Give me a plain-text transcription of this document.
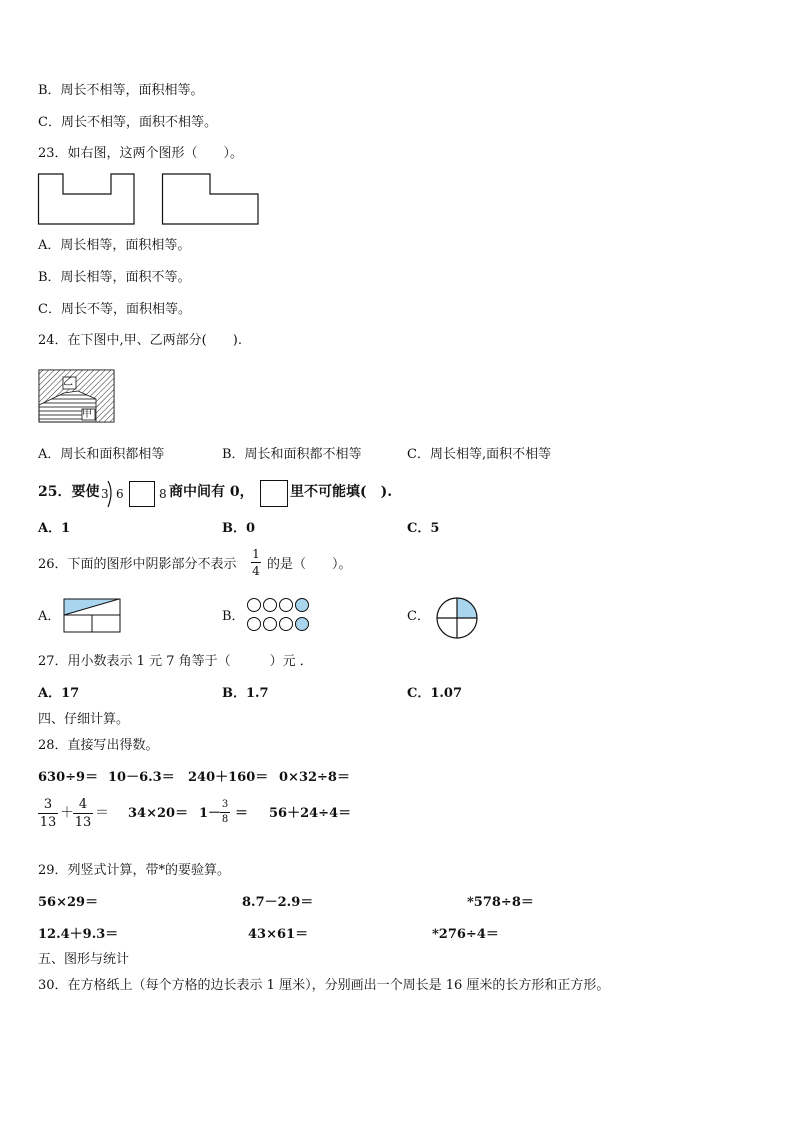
B．周长不相等，面积相等。
C．周长不相等，面积不相等。
23．如右图，这两个图形（　　）。
A．周长相等，面积相等。
B．周长相等，面积不等。
C．周长不等，面积相等。
24．在下图中,甲、乙两部分(　　).
乙
甲
A．周长和面积都相等	B．周长和面积都不相等	C．周长相等,面积不相等
25．要使 3 6	8 商中间有 0，	里不可能填(　).
A．1	B．0	C．5
26．下面的图形中阴影部分不表示
1
4 的是（　　）。
A．	B．	C．
27．用小数表示 1 元 7 角等于（　　　）元 ．
A．17	B．1.7	C．1.07
四、仔细计算。
28．直接写出得数。
630÷9＝ 10－6.3＝ 240＋160＝ 0×32÷8＝
3
13
＋
4
13
＝ 34×20＝ 1－
3
8 ＝ 56＋24÷4＝
29．列竖式计算，带*的要验算。
56×29＝	8.7－2.9＝	*578÷8＝
12.4＋9.3＝	43×61＝	*276÷4＝
五、图形与统计
30．在方格纸上（每个方格的边长表示 1 厘米），分别画出一个周长是 16 厘米的长方形和正方形。
